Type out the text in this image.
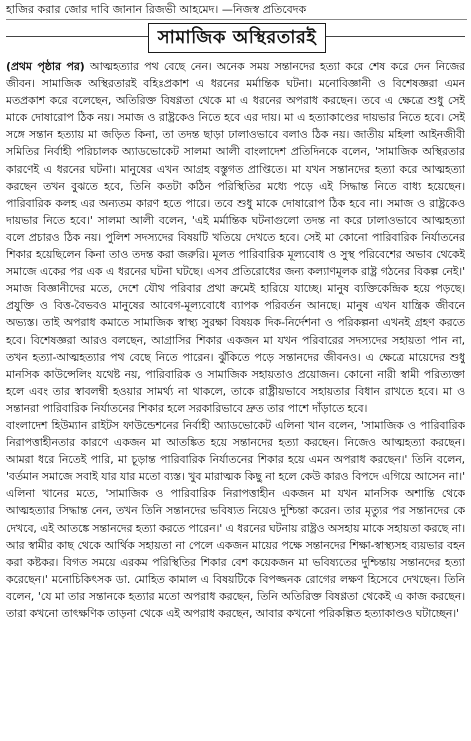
হাজির করার জোর দাবি জানান রিজভী আহমেদ। —নিজস্ব প্রতিবেদক
সামাজিক অস্থিরতারই

(প্রথম পৃষ্ঠার পর) আত্মহত্যার পথ বেছে নেন। অনেক সময় সন্তানদের হত্যা করে শেষ করে দেন নিজের জীবন। সামাজিক অস্থিরতারই বহিঃপ্রকাশ এ ধরনের মর্মান্তিক ঘটনা। মনোবিজ্ঞানী ও বিশেষজ্ঞরা এমন মতপ্রকাশ করে বলেছেন, অতিরিক্ত বিষণ্ণতা থেকে মা এ ধরনের অপরাধ করছেন। তবে এ ক্ষেত্রে শুধু সেই মাকে দোষারোপ ঠিক নয়। সমাজ ও রাষ্ট্রকেও নিতে হবে এর দায়। মা এ হত্যাকাণ্ডের দায়ভার নিতে হবে। সেই সঙ্গে সন্তান হত্যায় মা জড়িত কিনা, তা তদন্ত ছাড়া ঢালাওভাবে বলাও ঠিক নয়। জাতীয় মহিলা আইনজীবী সমিতির নির্বাহী পরিচালক অ্যাডভোকেট সালমা আলী বাংলাদেশ প্রতিদিনকে বলেন, 'সামাজিক অস্থিরতার কারণেই এ ধরনের ঘটনা। মানুষের এখন আগ্রহ বস্তুগত প্রাপ্তিতে। মা যখন সন্তানদের হত্যা করে আত্মহত্যা করছেন তখন বুঝতে হবে, তিনি কতটা কঠিন পরিস্থিতির মধ্যে পড়ে এই সিদ্ধান্ত নিতে বাধ্য হয়েছেন। পারিবারিক কলহ এর অন্যতম কারণ হতে পারে। তবে শুধু মাকে দোষারোপ ঠিক হবে না। সমাজ ও রাষ্ট্রকেও দায়ভার নিতে হবে।' সালমা আলী বলেন, 'এই মর্মান্তিক ঘটনাগুলো তদন্ত না করে ঢালাওভাবে আত্মহত্যা বলে প্রচারও ঠিক নয়। পুলিশ সদস্যদের বিষয়টি খতিয়ে দেখতে হবে। সেই মা কোনো পারিবারিক নির্যাতনের শিকার হয়েছিলেন কিনা তাও তদন্ত করা জরুরি। মূলত পারিবারিক মূল্যবোধ ও সুস্থ পরিবেশের অভাব থেকেই সমাজে একের পর এক এ ধরনের ঘটনা ঘটছে। এসব প্রতিরোধের জন্য কল্যাণমূলক রাষ্ট্র গঠনের বিকল্প নেই।' সমাজ বিজ্ঞানীদের মতে, দেশে যৌথ পরিবার প্রথা ক্রমেই হারিয়ে যাচ্ছে। মানুষ ব্যক্তিকেন্দ্রিক হয়ে পড়ছে। প্রযুক্তি ও বিত্ত-বৈভবও মানুষের আবেগ-মূল্যবোধে ব্যাপক পরিবর্তন আনছে। মানুষ এখন যান্ত্রিক জীবনে অভ্যস্ত। তাই অপরাধ কমাতে সামাজিক স্বাস্থ্য সুরক্ষা বিষয়ক দিক-নির্দেশনা ও পরিকল্পনা এখনই গ্রহণ করতে হবে। বিশেষজ্ঞরা আরও বলছেন, আগ্রাসির শিকার একজন মা যখন পরিবারের সদস্যদের সহায়তা পান না, তখন হত্যা-আত্মহত্যার পথ বেছে নিতে পারেন। ঝুঁকিতে পড়ে সন্তানদের জীবনও। এ ক্ষেত্রে মায়েদের শুধু মানসিক কাউন্সেলিং যথেষ্ট নয়, পারিবারিক ও সামাজিক সহায়তাও প্রয়োজন। কোনো নারী স্বামী পরিত্যক্তা হলে এবং তার স্বাবলম্বী হওয়ার সামর্থ্য না থাকলে, তাকে রাষ্ট্রীয়ভাবে সহায়তার বিধান রাখতে হবে। মা ও সন্তানরা পারিবারিক নির্যাতনের শিকার হলে সরকারিভাবে দ্রুত তার পাশে দাঁড়াতে হবে।

বাংলাদেশ হিউম্যান রাইটস ফাউন্ডেশনের নির্বাহী অ্যাডভোকেট এলিনা খান বলেন, 'সামাজিক ও পারিবারিক নিরাপত্তাহীনতার কারণে একজন মা আতঙ্কিত হয়ে সন্তানদের হত্যা করছেন। নিজেও আত্মহত্যা করছেন। আমরা ধরে নিতেই পারি, মা চূড়ান্ত পারিবারিক নির্যাতনের শিকার হয়ে এমন অপরাধ করছেন।' তিনি বলেন, 'বর্তমান সমাজে সবাই যার যার মতো ব্যস্ত। খুব মারাত্মক কিছু না হলে কেউ কারও বিপদে এগিয়ে আসেন না।' এলিনা খানের মতে, 'সামাজিক ও পারিবারিক নিরাপত্তাহীন একজন মা যখন মানসিক অশান্তি থেকে আত্মহত্যার সিদ্ধান্ত নেন, তখন তিনি সন্তানদের ভবিষ্যত নিয়েও দুশ্চিন্তা করেন। তার মৃত্যুর পর সন্তানদের কে দেখবে, এই আতঙ্কে সন্তানদের হত্যা করতে পারেন।' এ ধরনের ঘটনায় রাষ্ট্রও অসহায় মাকে সহায়তা করছে না। আর স্বামীর কাছ থেকে আর্থিক সহায়তা না পেলে একজন মায়ের পক্ষে সন্তানদের শিক্ষা-স্বাস্থ্যসহ ব্যয়ভার বহন করা কষ্টকর। বিগত সময়ে এরকম পরিস্থিতির শিকার বেশ কয়েকজন মা ভবিষ্যতের দুশ্চিন্তায় সন্তানদের হত্যা করেছেন।' মনোচিকিৎসক ডা. মোহিত কামাল এ বিষয়টিকে বিপজ্জনক রোগের লক্ষণ হিসেবে দেখছেন। তিনি বলেন, 'যে মা তার সন্তানকে হত্যার মতো অপরাধ করছেন, তিনি অতিরিক্ত বিষণ্ণতা থেকেই এ কাজ করছেন। তারা কখনো তাৎক্ষণিক তাড়না থেকে এই অপরাধ করছেন, আবার কখনো পরিকল্পিত হত্যাকাণ্ডও ঘটাচ্ছেন।'
